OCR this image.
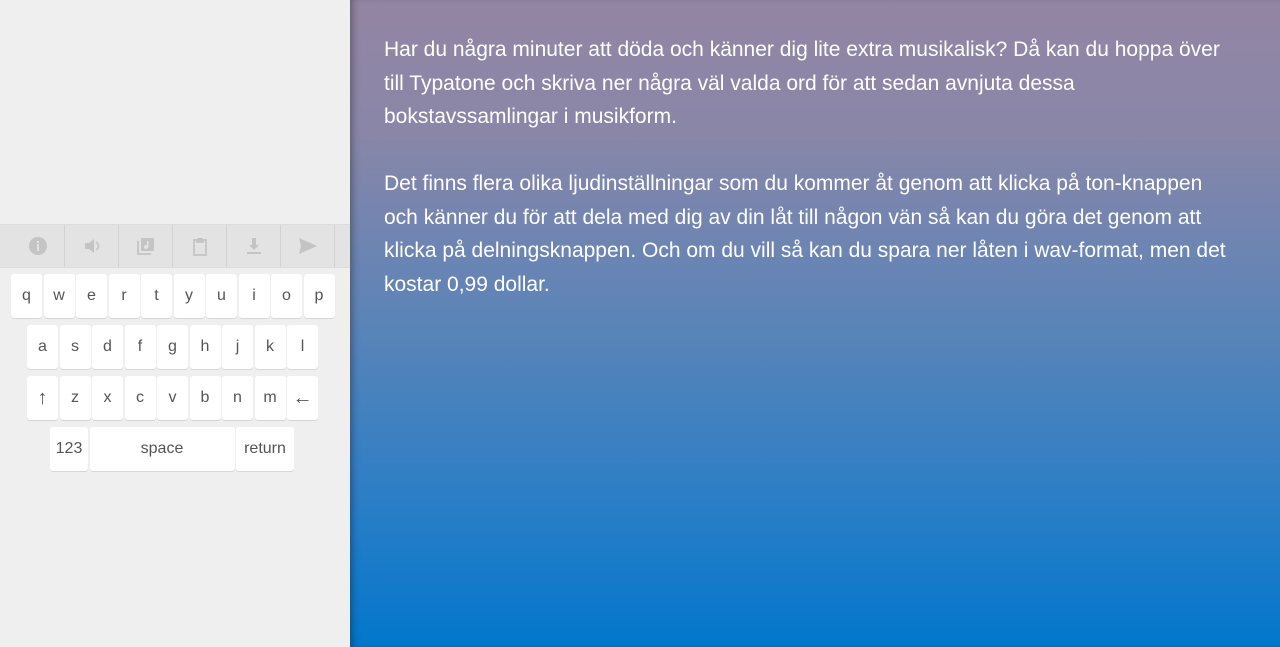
q	w	e	r	t	y	u	i	o	p
a	s	d	f	g	h	j	k	l
↑	z	x	c	v	b	n	m ←
123	space	return

Har du några minuter att döda och känner dig lite extra musikalisk? Då kan du hoppa över till Typatone och skriva ner några väl valda ord för att sedan avnjuta dessa bokstavssamlingar i musikform.

Det finns flera olika ljudinställningar som du kommer åt genom att klicka på ton-knappen och känner du för att dela med dig av din låt till någon vän så kan du göra det genom att klicka på delningsknappen. Och om du vill så kan du spara ner låten i wav-format, men det kostar 0,99 dollar.
